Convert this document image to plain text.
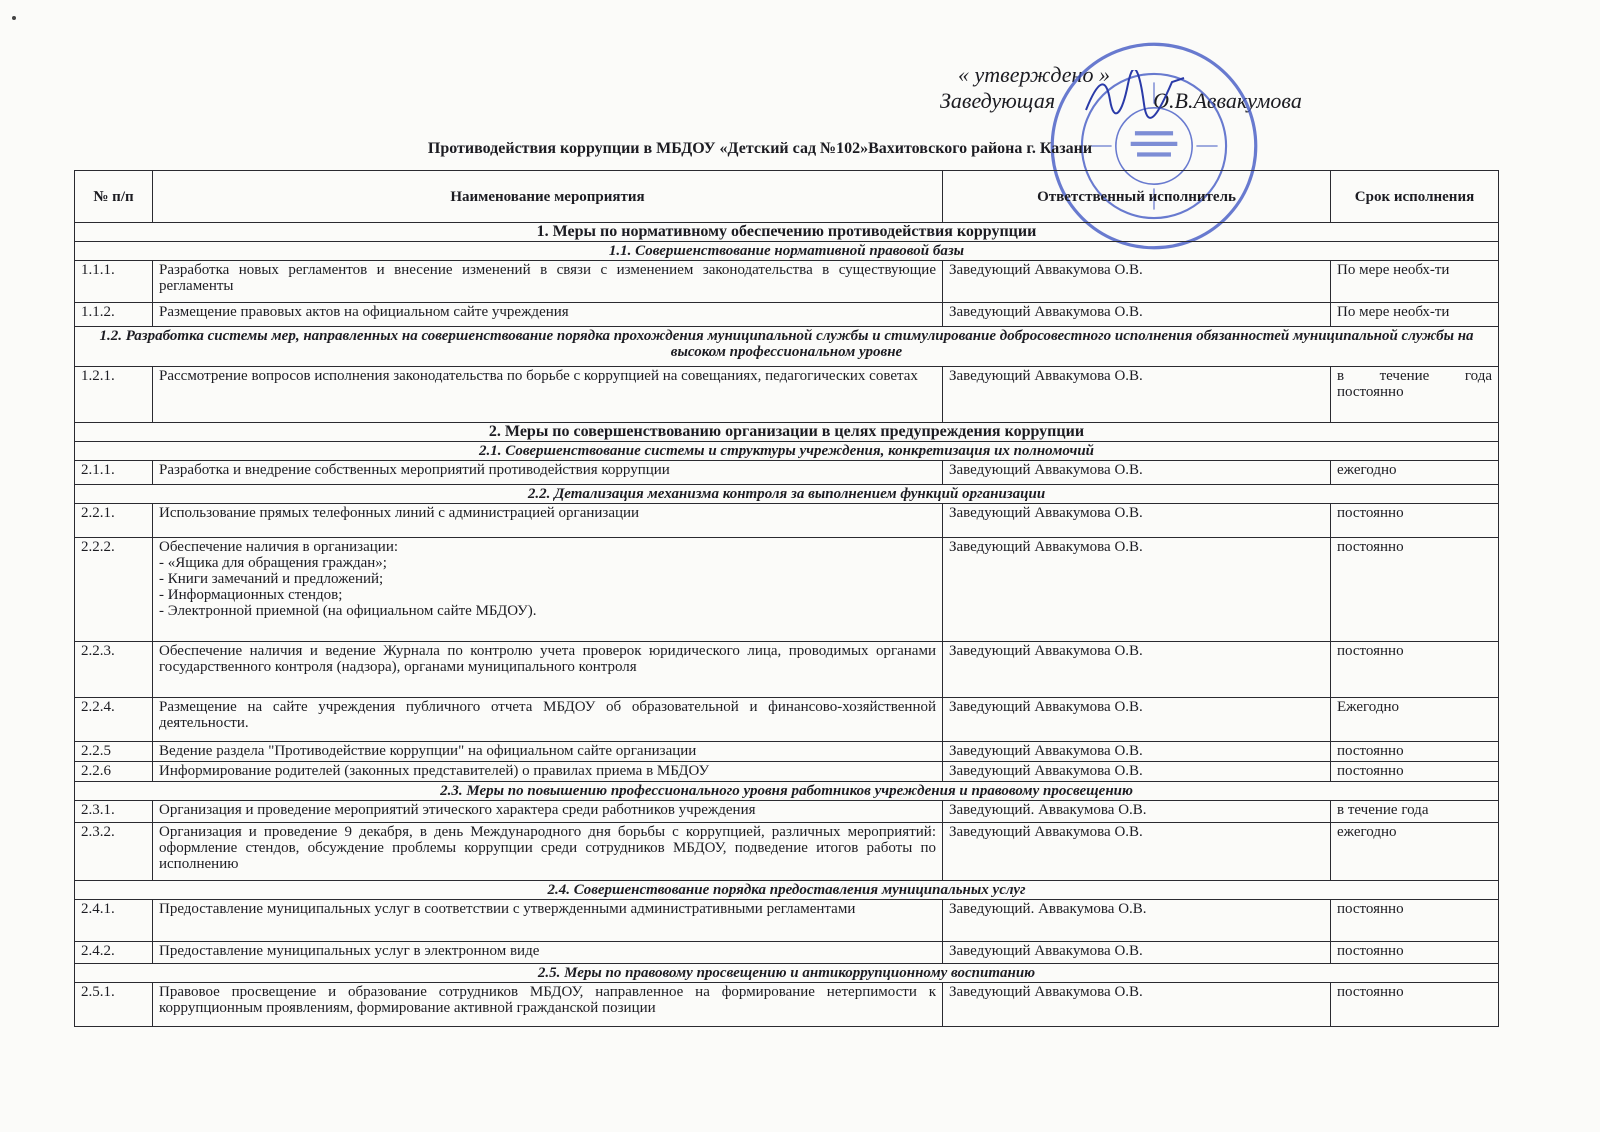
« утверждено »
Заведующая	О.В.Аввакумова
Противодействия коррупции в МБДОУ «Детский сад №102»Вахитовского района г. Казани
№ п/п	Наименование мероприятия	Ответственный исполнитель	Срок исполнения
1. Меры по нормативному обеспечению противодействия коррупции			
1.1. Совершенствование нормативной правовой базы			
1.1.1.	Разработка новых регламентов и внесение изменений в связи с изменением законодательства в существующие регламенты	Заведующий Аввакумова О.В.	По мере необх-ти
1.1.2.	Размещение правовых актов на официальном сайте учреждения	Заведующий Аввакумова О.В.	По мере необх-ти
1.2. Разработка системы мер, направленных на совершенствование порядка прохождения муниципальной службы и стимулирование добросовестного исполнения обязанностей муниципальной службы на высоком профессиональном уровне			
1.2.1.	Рассмотрение вопросов исполнения законодательства по борьбе с коррупцией на совещаниях, педагогических советах	Заведующий Аввакумова О.В.	в течение года постоянно
2. Меры по совершенствованию организации в целях предупреждения коррупции			
2.1. Совершенствование системы и структуры учреждения, конкретизация их полномочий			
2.1.1.	Разработка и внедрение собственных мероприятий противодействия коррупции	Заведующий Аввакумова О.В.	ежегодно
2.2. Детализация механизма контроля за выполнением функций организации			
2.2.1.	Использование прямых телефонных линий с администрацией организации	Заведующий Аввакумова О.В.	постоянно
2.2.2.	Обеспечение наличия в организации:
- «Ящика для обращения граждан»;
- Книги замечаний и предложений;
- Информационных стендов;
- Электронной приемной (на официальном сайте МБДОУ).	Заведующий Аввакумова О.В.	постоянно
2.2.3.	Обеспечение наличия и ведение Журнала по контролю учета проверок юридического лица, проводимых органами государственного контроля (надзора), органами муниципального контроля	Заведующий Аввакумова О.В.	постоянно
2.2.4.	Размещение на сайте учреждения публичного отчета МБДОУ об образовательной и финансово-хозяйственной деятельности.	Заведующий Аввакумова О.В.	Ежегодно
2.2.5	Ведение раздела "Противодействие коррупции" на официальном сайте организации	Заведующий Аввакумова О.В.	постоянно
2.2.6	Информирование родителей (законных представителей) о правилах приема в МБДОУ	Заведующий Аввакумова О.В.	постоянно
2.3. Меры по повышению профессионального уровня работников учреждения и правовому просвещению			
2.3.1.	Организация и проведение мероприятий этического характера среди работников учреждения	Заведующий. Аввакумова О.В.	в течение года
2.3.2.	Организация и проведение 9 декабря, в день Международного дня борьбы с коррупцией, различных мероприятий: оформление стендов, обсуждение проблемы коррупции среди сотрудников МБДОУ, подведение итогов работы по исполнению	Заведующий Аввакумова О.В.	ежегодно
2.4. Совершенствование порядка предоставления муниципальных услуг			
2.4.1.	Предоставление муниципальных услуг в соответствии с утвержденными административными регламентами	Заведующий. Аввакумова О.В.	постоянно
2.4.2.	Предоставление муниципальных услуг в электронном виде	Заведующий Аввакумова О.В.	постоянно
2.5. Меры по правовому просвещению и антикоррупционному воспитанию			
2.5.1.	Правовое просвещение и образование сотрудников МБДОУ, направленное на формирование нетерпимости к коррупционным проявлениям, формирование активной гражданской позиции	Заведующий Аввакумова О.В.	постоянно
